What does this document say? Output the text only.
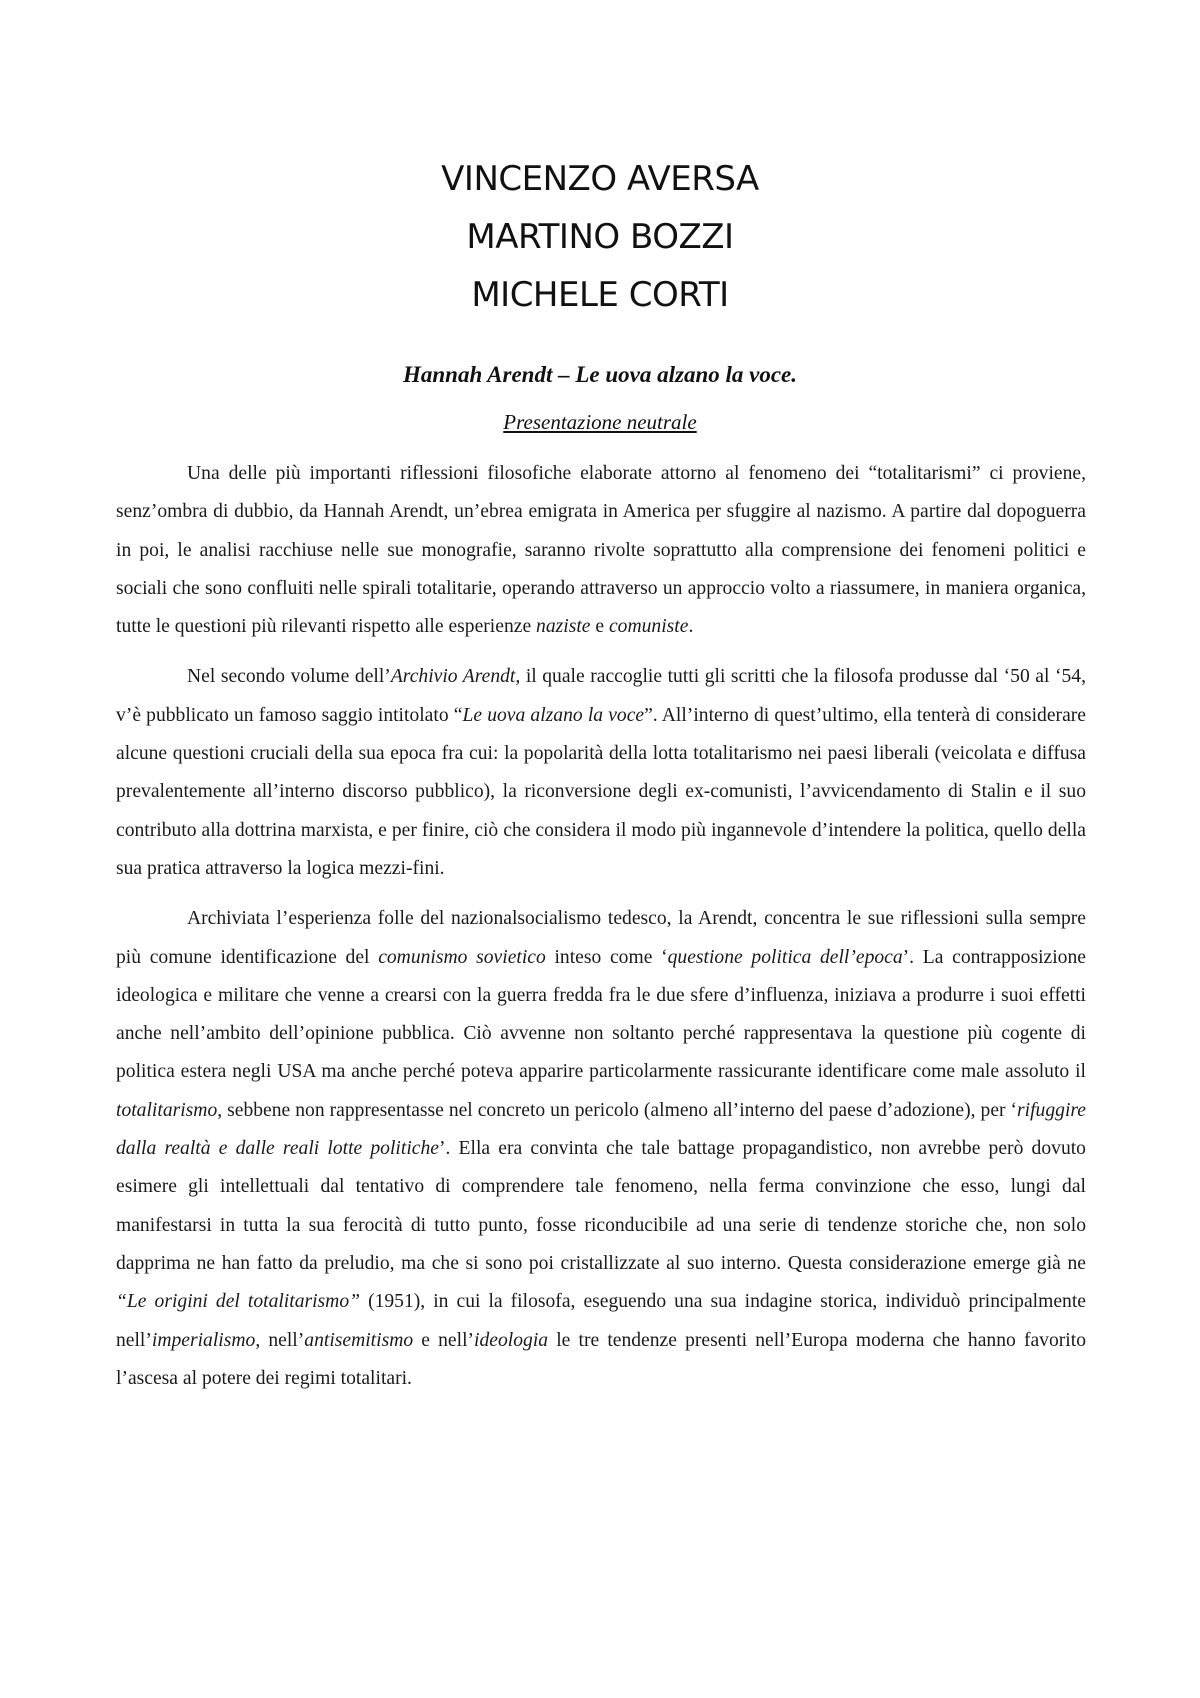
VINCENZO AVERSA
MARTINO BOZZI
MICHELE CORTI
Hannah Arendt – Le uova alzano la voce.
Presentazione neutrale

Una delle più importanti riflessioni filosofiche elaborate attorno al fenomeno dei “totalitarismi” ci proviene, senz’ombra di dubbio, da Hannah Arendt, un’ebrea emigrata in America per sfuggire al nazismo. A partire dal dopoguerra in poi, le analisi racchiuse nelle sue monografie, saranno rivolte soprattutto alla comprensione dei fenomeni politici e sociali che sono confluiti nelle spirali totalitarie, operando attraverso un approccio volto a riassumere, in maniera organica, tutte le questioni più rilevanti rispetto alle esperienze naziste e comuniste.

Nel secondo volume dell’Archivio Arendt, il quale raccoglie tutti gli scritti che la filosofa produsse dal ‘50 al ‘54, v’è pubblicato un famoso saggio intitolato “Le uova alzano la voce”. All’interno di quest’ultimo, ella tenterà di considerare alcune questioni cruciali della sua epoca fra cui: la popolarità della lotta totalitarismo nei paesi liberali (veicolata e diffusa prevalentemente all’interno discorso pubblico), la riconversione degli ex-comunisti, l’avvicendamento di Stalin e il suo contributo alla dottrina marxista, e per finire, ciò che considera il modo più ingannevole d’intendere la politica, quello della sua pratica attraverso la logica mezzi-fini.

Archiviata l’esperienza folle del nazionalsocialismo tedesco, la Arendt, concentra le sue riflessioni sulla sempre più comune identificazione del comunismo sovietico inteso come ‘questione politica dell’epoca’. La contrapposizione ideologica e militare che venne a crearsi con la guerra fredda fra le due sfere d’influenza, iniziava a produrre i suoi effetti anche nell’ambito dell’opinione pubblica. Ciò avvenne non soltanto perché rappresentava la questione più cogente di politica estera negli USA ma anche perché poteva apparire particolarmente rassicurante identificare come male assoluto il totalitarismo, sebbene non rappresentasse nel concreto un pericolo (almeno all’interno del paese d’adozione), per ‘rifuggire dalla realtà e dalle reali lotte politiche’. Ella era convinta che tale battage propagandistico, non avrebbe però dovuto esimere gli intellettuali dal tentativo di comprendere tale fenomeno, nella ferma convinzione che esso, lungi dal manifestarsi in tutta la sua ferocità di tutto punto, fosse riconducibile ad una serie di tendenze storiche che, non solo dapprima ne han fatto da preludio, ma che si sono poi cristallizzate al suo interno. Questa considerazione emerge già ne “Le origini del totalitarismo” (1951), in cui la filosofa, eseguendo una sua indagine storica, individuò principalmente nell’imperialismo, nell’antisemitismo e nell’ideologia le tre tendenze presenti nell’Europa moderna che hanno favorito l’ascesa al potere dei regimi totalitari.
